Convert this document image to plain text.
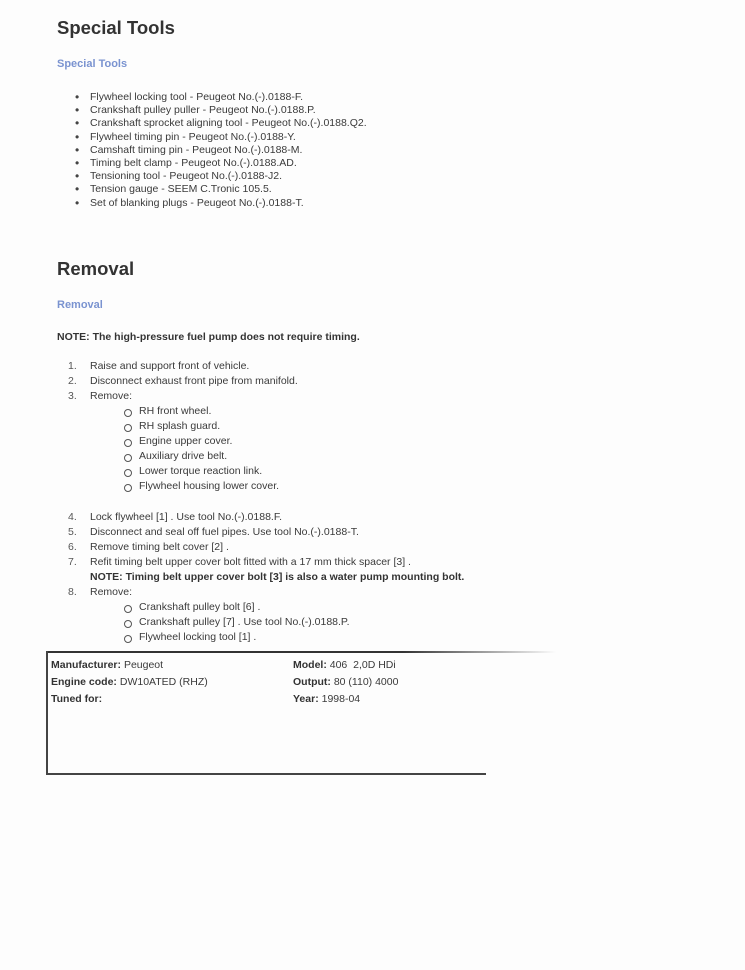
Special Tools
Special Tools
• Flywheel locking tool - Peugeot No.(-).0188-F.
• Crankshaft pulley puller - Peugeot No.(-).0188.P.
• Crankshaft sprocket aligning tool - Peugeot No.(-).0188.Q2.
• Flywheel timing pin - Peugeot No.(-).0188-Y.
• Camshaft timing pin - Peugeot No.(-).0188-M.
• Timing belt clamp - Peugeot No.(-).0188.AD.
• Tensioning tool - Peugeot No.(-).0188-J2.
• Tension gauge - SEEM C.Tronic 105.5.
• Set of blanking plugs - Peugeot No.(-).0188-T.
Removal
Removal
NOTE: The high-pressure fuel pump does not require timing.
1. Raise and support front of vehicle.
2. Disconnect exhaust front pipe from manifold.
3. Remove:
RH front wheel.
RH splash guard.
Engine upper cover.
Auxiliary drive belt.
Lower torque reaction link.
Flywheel housing lower cover.
4. Lock flywheel [1] . Use tool No.(-).0188.F.
5. Disconnect and seal off fuel pipes. Use tool No.(-).0188-T.
6. Remove timing belt cover [2] .
7. Refit timing belt upper cover bolt fitted with a 17 mm thick spacer [3] .
NOTE: Timing belt upper cover bolt [3] is also a water pump mounting bolt.
8. Remove:
Crankshaft pulley bolt [6] .
Crankshaft pulley [7] . Use tool No.(-).0188.P.
Flywheel locking tool [1] .
Manufacturer: Peugeot
Engine code: DW10ATED (RHZ)
Tuned for:
Model: 406  2,0D HDi
Output: 80 (110) 4000
Year: 1998-04
